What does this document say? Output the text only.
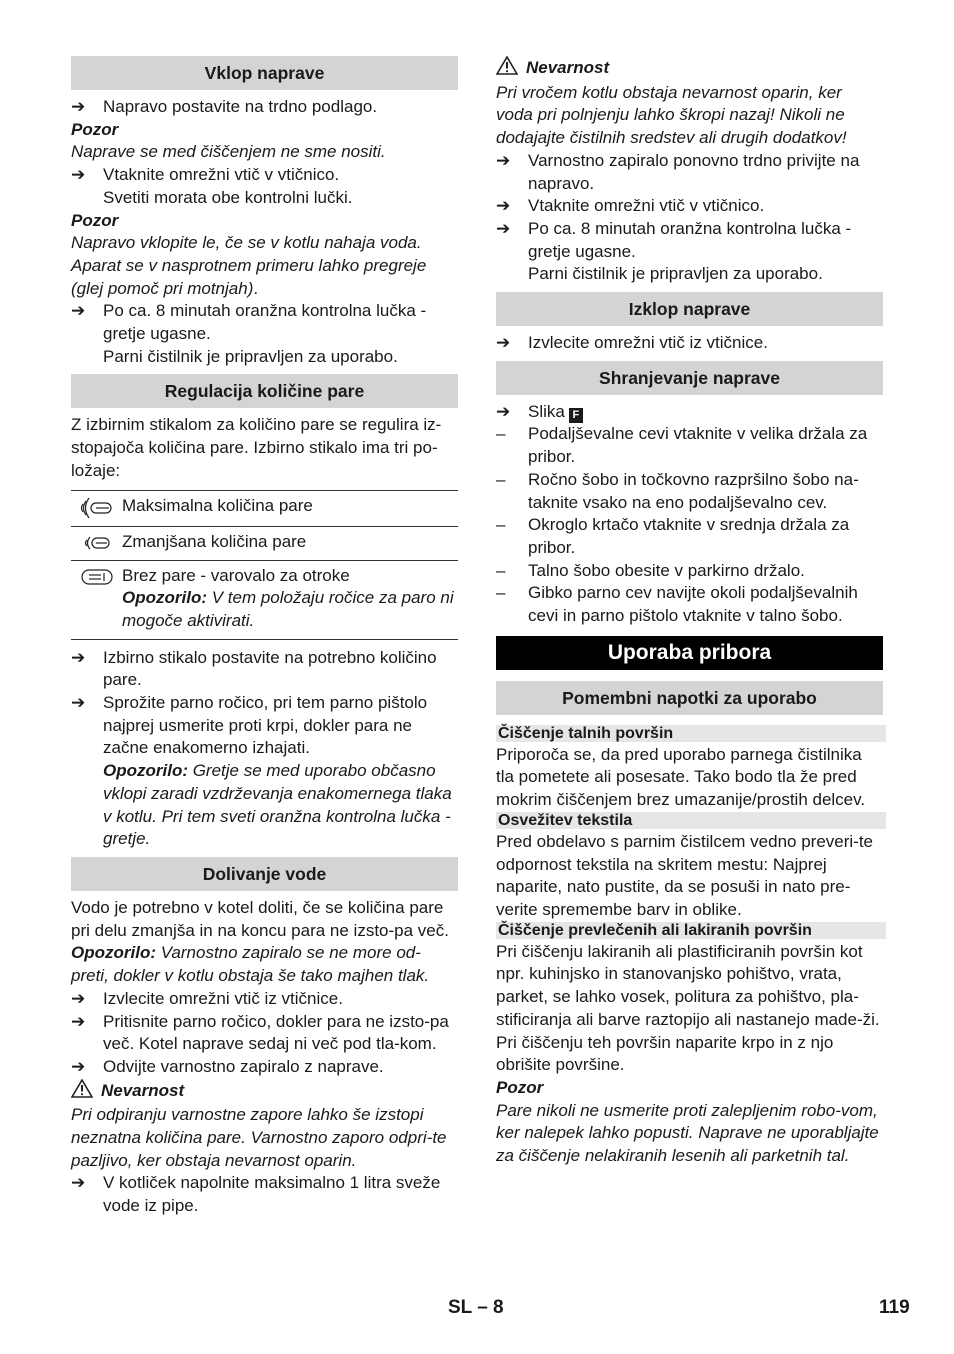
Vklop naprave
➔	Napravo postavite na trdno podlago.

Pozor

Naprave se med čiščenjem ne sme nositi.

➔	Vtaknite omrežni vtič v vtičnico.
Svetiti morata obe kontrolni lučki.

Pozor

Napravo vklopite le, če se v kotlu nahaja voda. Aparat se v nasprotnem primeru lahko pregreje (glej pomoč pri motnjah).

➔	Po ca. 8 minutah oranžna kontrolna lučka - gretje ugasne.
Parni čistilnik je pripravljen za uporabo.
Regulacija količine pare

Z izbirnim stikalom za količino pare se regulira iz-stopajoča količina pare. Izbirno stikalo ima tri po-ložaje:

Maksimalna količina pare
Zmanjšana količina pare
Brez pare - varovalo za otroke
Opozorilo: V tem položaju ročice za paro ni mogoče aktivirati.
➔	Izbirno stikalo postavite na potrebno količino pare.
➔	Sprožite parno ročico, pri tem parno pištolo najprej usmerite proti krpi, dokler para ne začne enakomerno izhajati.
Opozorilo: Gretje se med uporabo občasno vklopi zaradi vzdrževanja enakomernega tlaka v kotlu. Pri tem sveti oranžna kontrolna lučka - gretje.
Dolivanje vode

Vodo je potrebno v kotel doliti, če se količina pare pri delu zmanjša in na koncu para ne izsto-pa več.

Opozorilo: Varnostno zapiralo se ne more od-preti, dokler v kotlu obstaja še tako majhen tlak.

➔	Izvlecite omrežni vtič iz vtičnice.
➔	Pritisnite parno ročico, dokler para ne izsto-pa več. Kotel naprave sedaj ni več pod tla-kom.
➔	Odvijte varnostno zapiralo z naprave.

Nevarnost

Pri odpiranju varnostne zapore lahko še izstopi neznatna količina pare. Varnostno zaporo odpri-te pazljivo, ker obstaja nevarnost oparin.

➔	V kotliček napolnite maksimalno 1 litra sveže vode iz pipe.

Nevarnost

Pri vročem kotlu obstaja nevarnost oparin, ker voda pri polnjenju lahko škropi nazaj! Nikoli ne dodajajte čistilnih sredstev ali drugih dodatkov!

➔	Varnostno zapiralo ponovno trdno privijte na napravo.
➔	Vtaknite omrežni vtič v vtičnico.
➔	Po ca. 8 minutah oranžna kontrolna lučka - gretje ugasne.
Parni čistilnik je pripravljen za uporabo.
Izklop naprave
➔	Izvlecite omrežni vtič iz vtičnice.
Shranjevanje naprave
➔	Slika F
–	Podaljševalne cevi vtaknite v velika držala za pribor.
–	Ročno šobo in točkovno razpršilno šobo na-taknite vsako na eno podaljševalno cev.
–	Okroglo krtačo vtaknite v srednja držala za pribor.
–	Talno šobo obesite v parkirno držalo.
–	Gibko parno cev navijte okoli podaljševalnih cevi in parno pištolo vtaknite v talno šobo.
Uporaba pribora
Pomembni napotki za uporabo
Čiščenje talnih površin

Priporoča se, da pred uporabo parnega čistilnika tla pometete ali posesate. Tako bodo tla že pred mokrim čiščenjem brez umazanije/prostih delcev.

Osvežitev tekstila

Pred obdelavo s parnim čistilcem vedno preveri-te odpornost tekstila na skritem mestu: Najprej naparite, nato pustite, da se posuši in nato pre-verite spremembe barv in oblike.

Čiščenje prevlečenih ali lakiranih površin

Pri čiščenju lakiranih ali plastificiranih površin kot npr. kuhinjsko in stanovanjsko pohištvo, vrata, parket, se lahko vosek, politura za pohištvo, pla-stificiranja ali barve raztopijo ali nastanejo made-ži. Pri čiščenju teh površin naparite krpo in z njo obrišite površine.

Pozor

Pare nikoli ne usmerite proti zalepljenim robo-vom, ker nalepek lahko popusti. Naprave ne uporabljajte za čiščenje nelakiranih lesenih ali parketnih tal.

SL – 8	119
